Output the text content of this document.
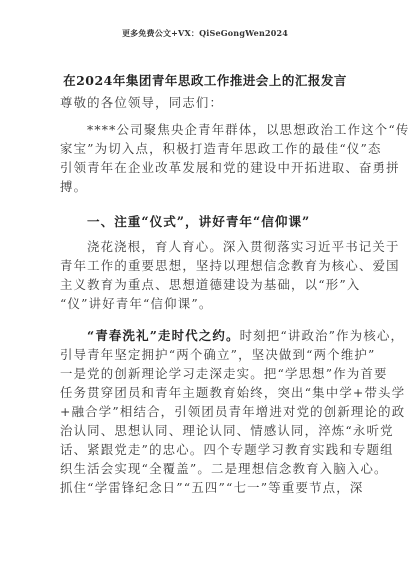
更多免费公文+VX：QiSeGongWen2024
在2024年集团青年思政工作推进会上的汇报发言
尊敬的各位领导，同志们：
****公司聚焦央企青年群体，以思想政治工作这个“传
家宝”为切入点，积极打造青年思政工作的最佳“仪”态
引领青年在企业改革发展和党的建设中开拓进取、奋勇拼
搏。
一、注重“仪式”，讲好青年“信仰课”
浇花浇根，育人育心。深入贯彻落实习近平书记关于
青年工作的重要思想，坚持以理想信念教育为核心、爱国
主义教育为重点、思想道德建设为基础，以“形”入
“仪”讲好青年“信仰课”。
“青春洗礼”走时代之约。时刻把“讲政治”作为核心，
引导青年坚定拥护“两个确立”，坚决做到“两个维护”
一是党的创新理论学习走深走实。把“学思想”作为首要
任务贯穿团员和青年主题教育始终，突出“集中学+带头学
+融合学”相结合，引领团员青年增进对党的创新理论的政
治认同、思想认同、理论认同、情感认同，淬炼“永听党
话、紧跟党走”的忠心。四个专题学习教育实践和专题组
织生活会实现“全覆盖”。二是理想信念教育入脑入心。
抓住“学雷锋纪念日”“五四”“七一”等重要节点，深
